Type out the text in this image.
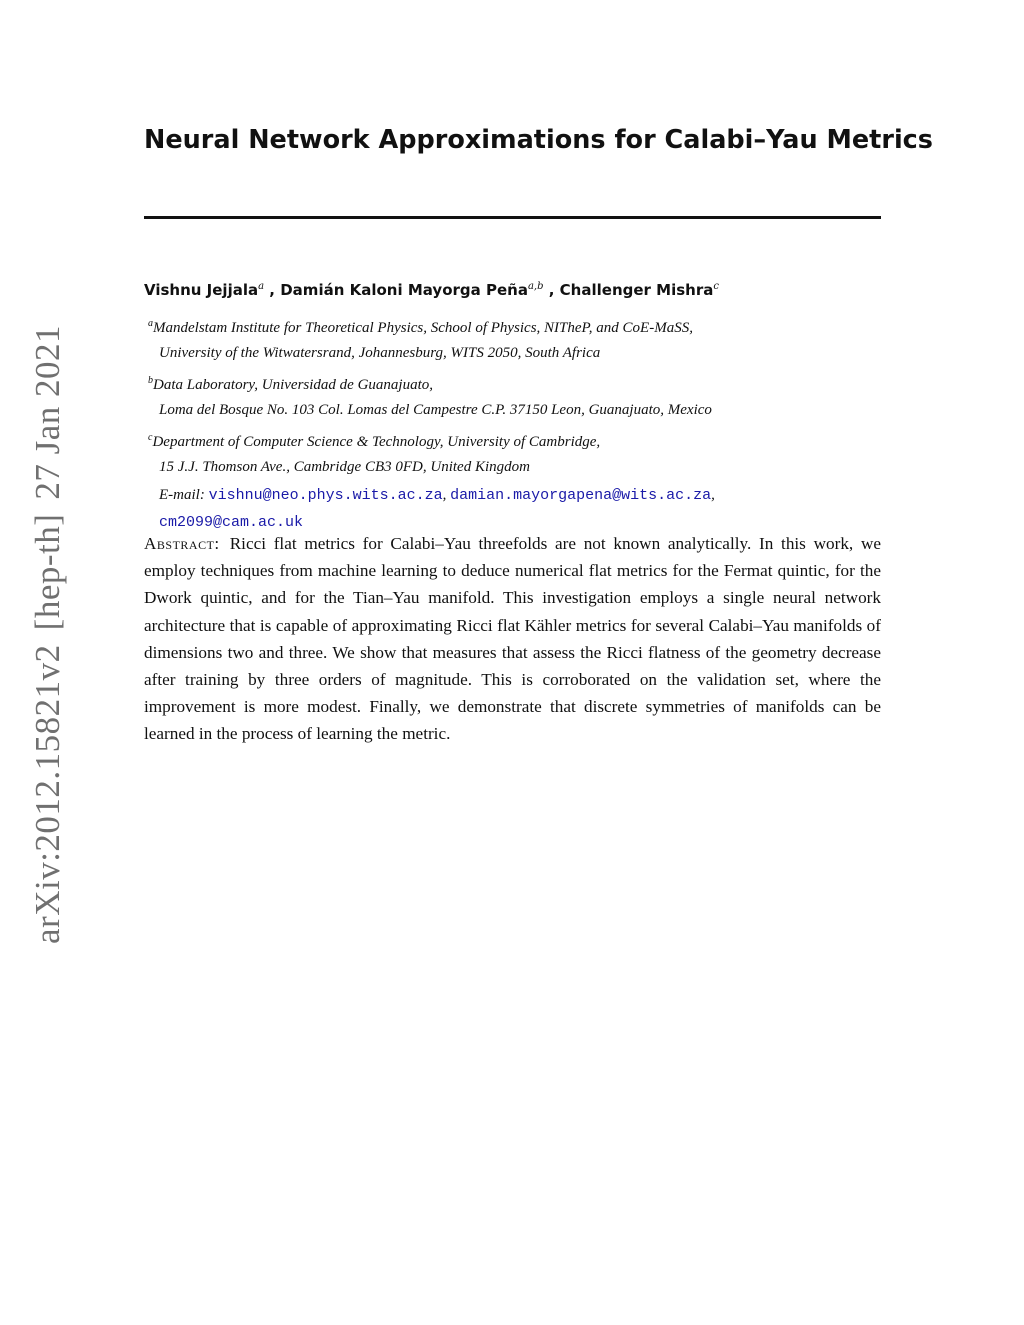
arXiv:2012.15821v2[hep-th]27 Jan 2021
Neural Network Approximations for Calabi–Yau Metrics
Vishnu Jejjala$^a$ , Damián Kaloni Mayorga Peña$^{a,b}$ , Challenger Mishra$^c$
$^a$Mandelstam Institute for Theoretical Physics, School of Physics, NITheP, and CoE-MaSS,
University of the Witwatersrand, Johannesburg, WITS 2050, South Africa
$^b$Data Laboratory, Universidad de Guanajuato,
Loma del Bosque No. 103 Col. Lomas del Campestre C.P. 37150 Leon, Guanajuato, Mexico
$^c$Department of Computer Science & Technology, University of Cambridge,
15 J.J. Thomson Ave., Cambridge CB3 0FD, United Kingdom
E-mail: vishnu@neo.phys.wits.ac.za, damian.mayorgapena@wits.ac.za,
cm2099@cam.ac.uk

Abstract: Ricci flat metrics for Calabi–Yau threefolds are not known analytically. In this work, we employ techniques from machine learning to deduce numerical flat metrics for the Fermat quintic, for the Dwork quintic, and for the Tian–Yau manifold. This investigation employs a single neural network architecture that is capable of approximating Ricci flat Kähler metrics for several Calabi–Yau manifolds of dimensions two and three. We show that measures that assess the Ricci flatness of the geometry decrease after training by three orders of magnitude. This is corroborated on the validation set, where the improvement is more modest. Finally, we demonstrate that discrete symmetries of manifolds can be learned in the process of learning the metric.
